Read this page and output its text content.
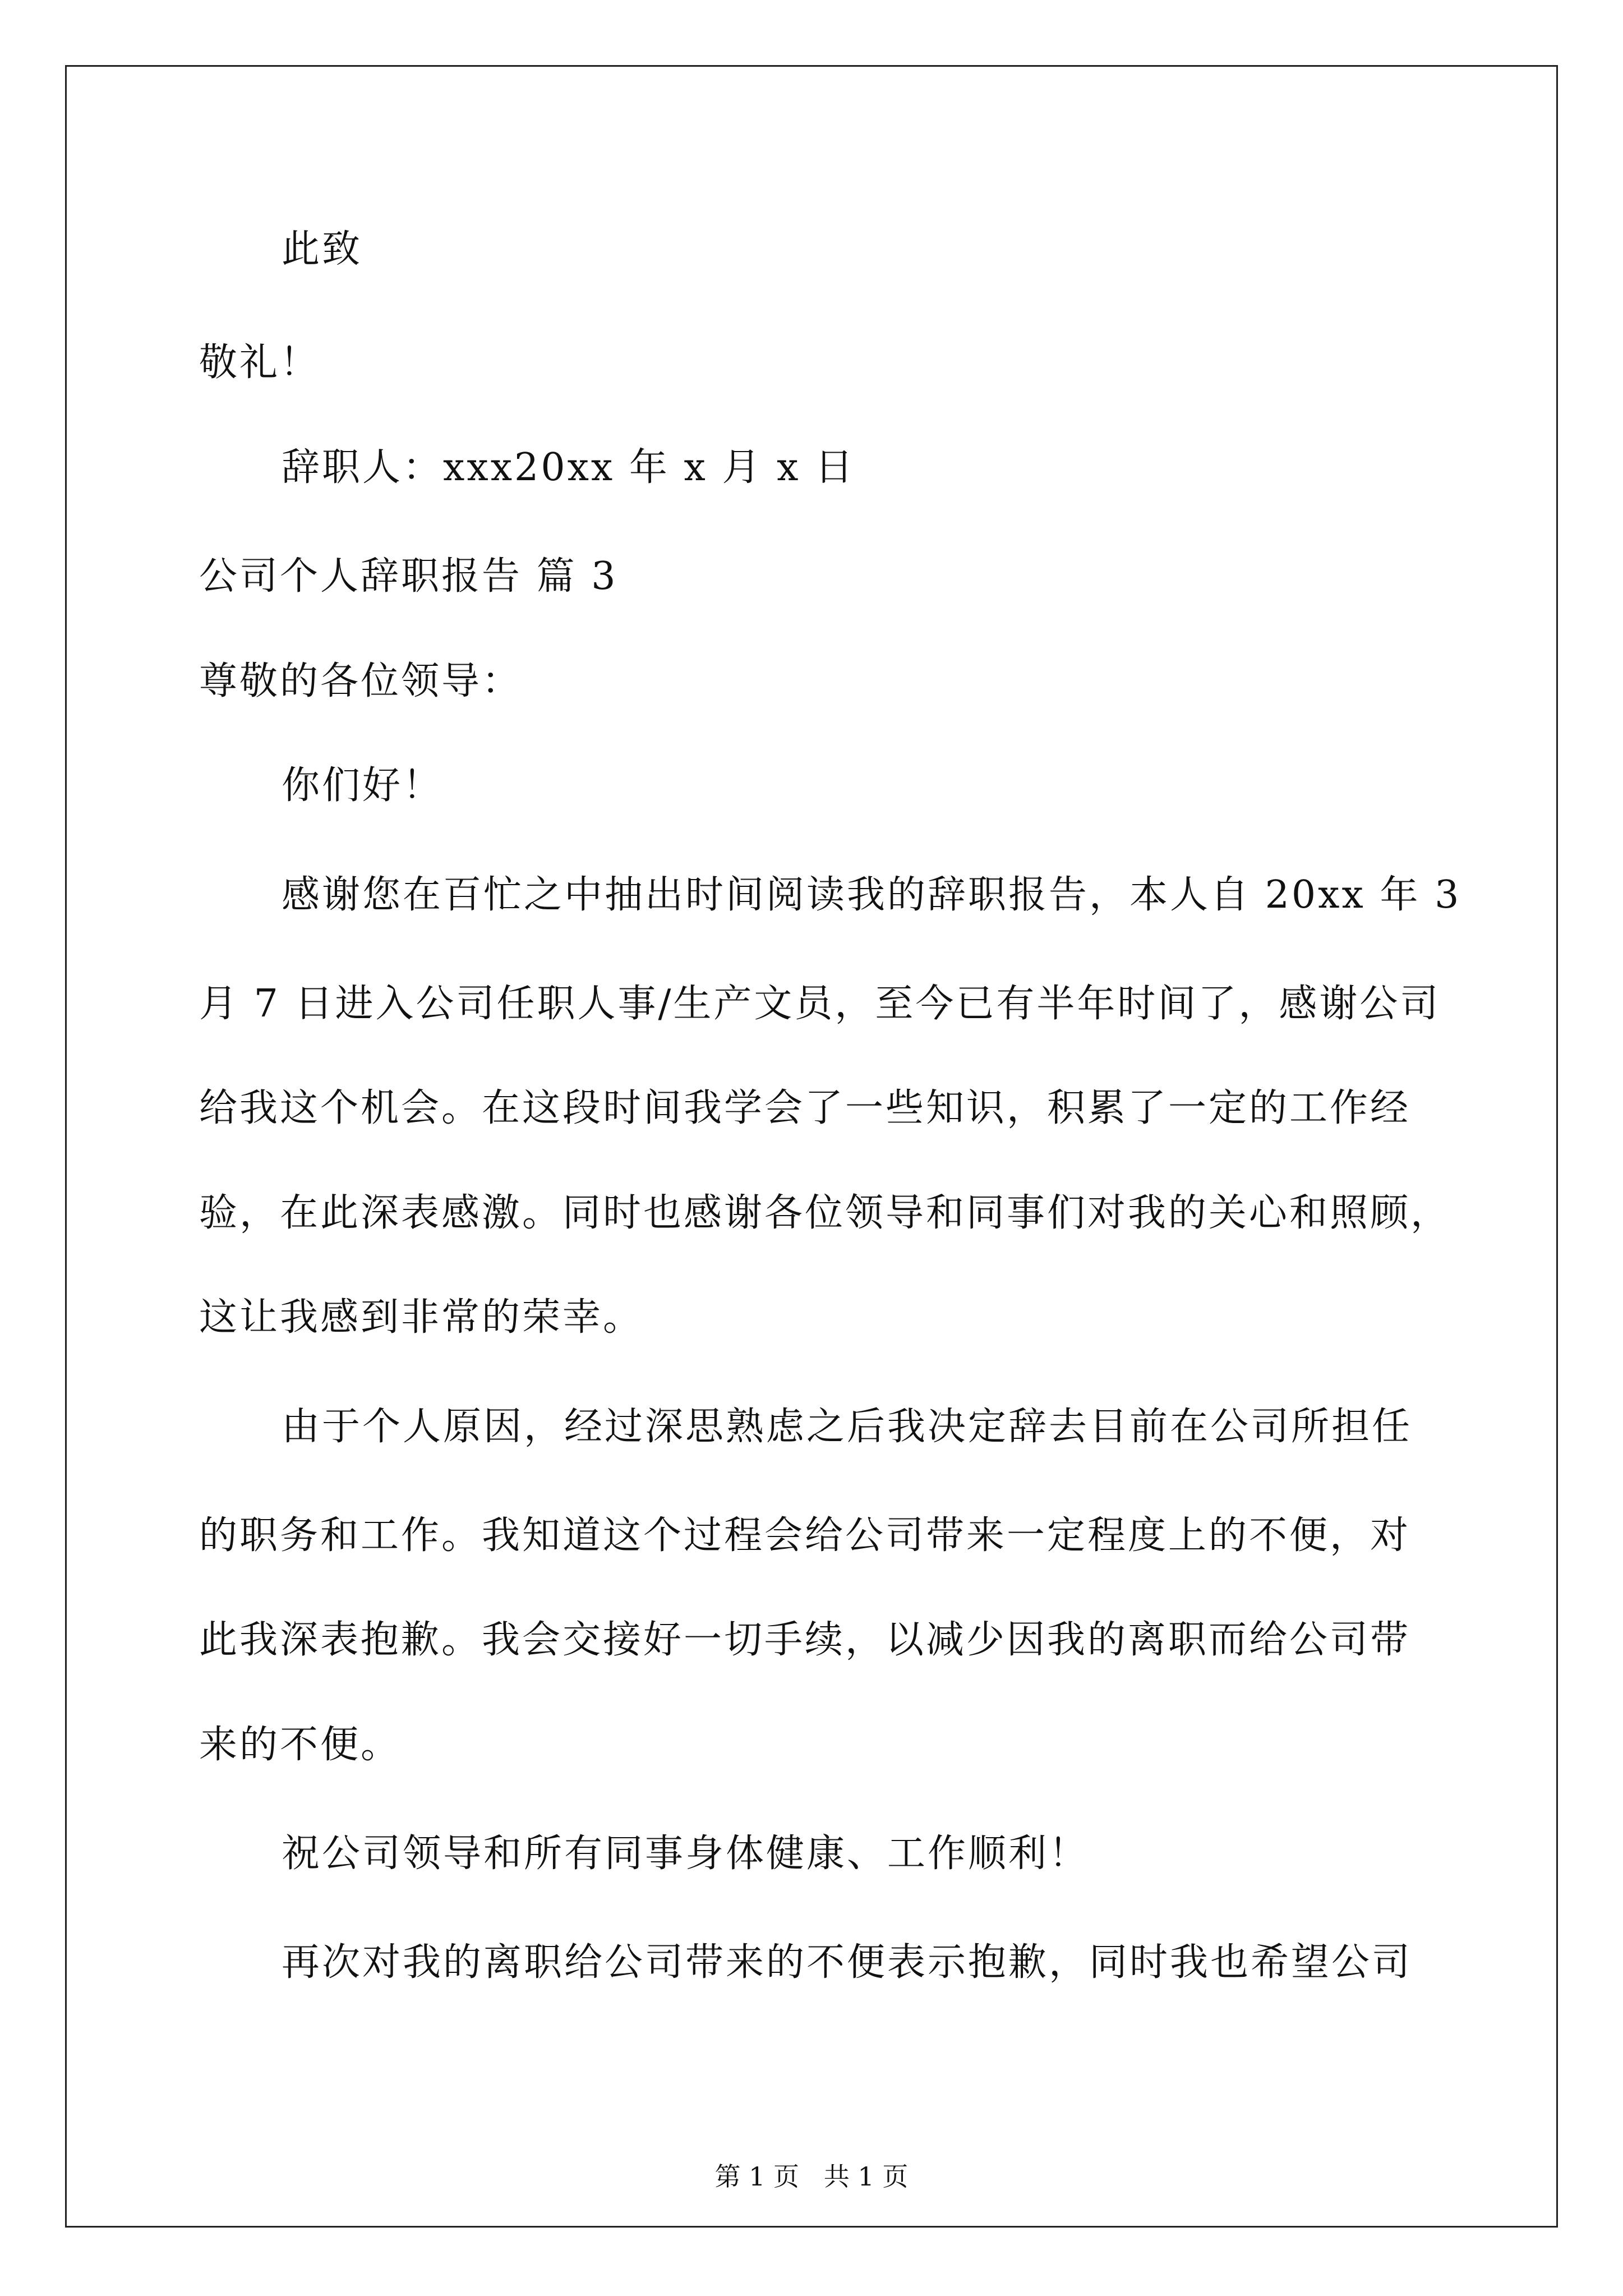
此致
敬礼！
辞职人：xxx20xx 年 x 月 x 日
公司个人辞职报告 篇 3
尊敬的各位领导：
你们好！
感谢您在百忙之中抽出时间阅读我的辞职报告，本人自 20xx 年 3
月 7 日进入公司任职人事/生产文员，至今已有半年时间了，感谢公司
给我这个机会。在这段时间我学会了一些知识，积累了一定的工作经
验，在此深表感激。同时也感谢各位领导和同事们对我的关心和照顾，
这让我感到非常的荣幸。
由于个人原因，经过深思熟虑之后我决定辞去目前在公司所担任
的职务和工作。我知道这个过程会给公司带来一定程度上的不便，对
此我深表抱歉。我会交接好一切手续，以减少因我的离职而给公司带
来的不便。
祝公司领导和所有同事身体健康、工作顺利！
再次对我的离职给公司带来的不便表示抱歉，同时我也希望公司
第 1 页   共 1 页
